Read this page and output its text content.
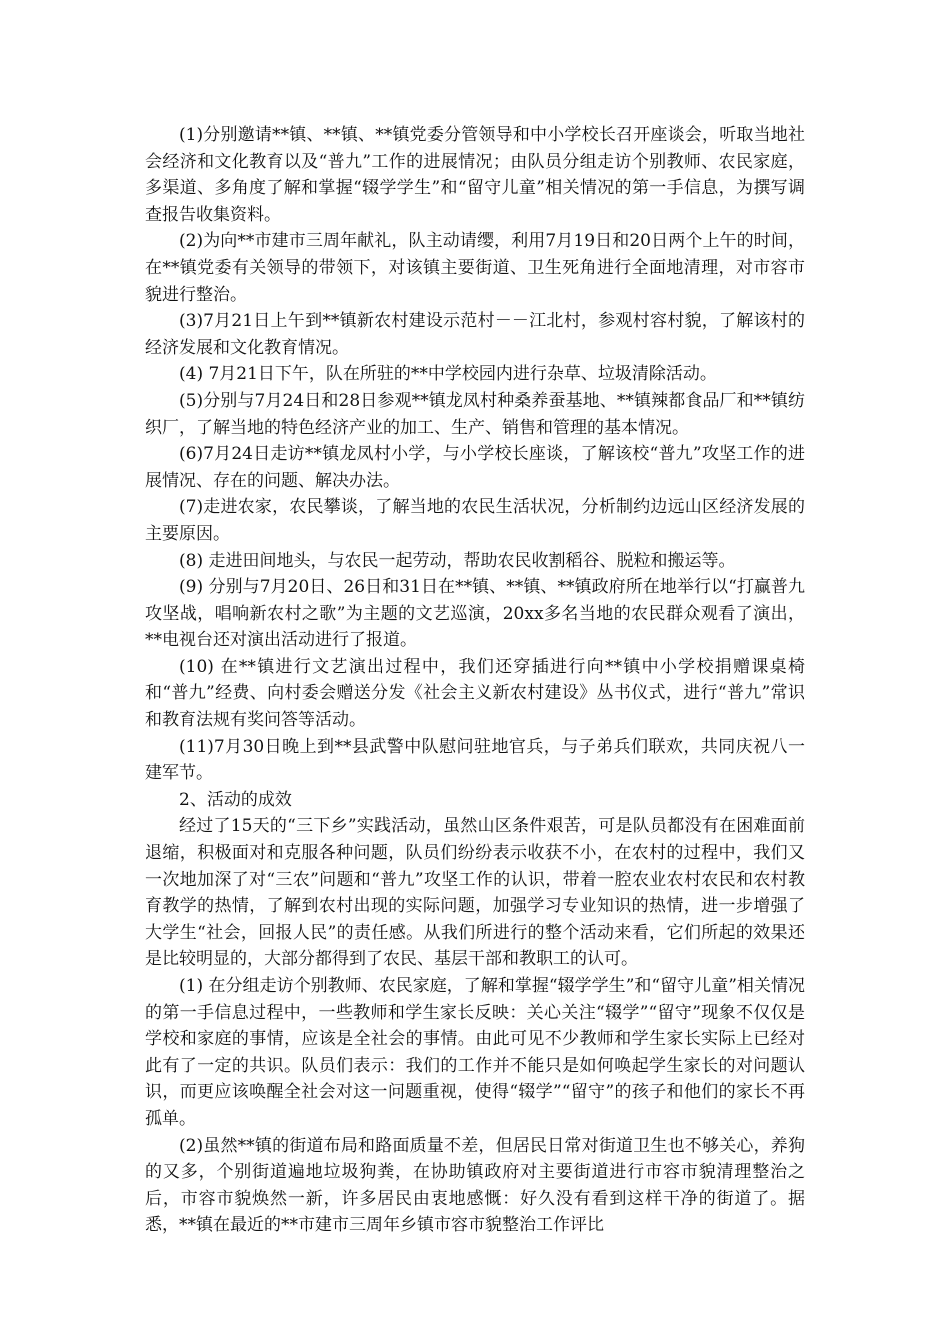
(1)分别邀请**镇、**镇、**镇党委分管领导和中小学校长召开座谈会，听取当地社会经济和文化教育以及“普九”工作的进展情况；由队员分组走访个别教师、农民家庭，多渠道、多角度了解和掌握“辍学学生”和“留守儿童”相关情况的第一手信息，为撰写调查报告收集资料。

(2)为向**市建市三周年献礼，队主动请缨，利用7月19日和20日两个上午的时间，在**镇党委有关领导的带领下，对该镇主要街道、卫生死角进行全面地清理，对市容市貌进行整治。

(3)7月21日上午到**镇新农村建设示范村－－江北村，参观村容村貌，了解该村的经济发展和文化教育情况。

(4) 7月21日下午，队在所驻的**中学校园内进行杂草、垃圾清除活动。

(5)分别与7月24日和28日参观**镇龙凤村种桑养蚕基地、**镇辣都食品厂和**镇纺织厂，了解当地的特色经济产业的加工、生产、销售和管理的基本情况。

(6)7月24日走访**镇龙凤村小学，与小学校长座谈，了解该校“普九”攻坚工作的进展情况、存在的问题、解决办法。

(7)走进农家，农民攀谈，了解当地的农民生活状况，分析制约边远山区经济发展的主要原因。

(8) 走进田间地头，与农民一起劳动，帮助农民收割稻谷、脱粒和搬运等。

(9) 分别与7月20日、26日和31日在**镇、**镇、**镇政府所在地举行以“打赢普九攻坚战，唱响新农村之歌”为主题的文艺巡演，20xx多名当地的农民群众观看了演出，**电视台还对演出活动进行了报道。

(10) 在**镇进行文艺演出过程中，我们还穿插进行向**镇中小学校捐赠课桌椅和“普九”经费、向村委会赠送分发《社会主义新农村建设》丛书仪式，进行“普九”常识和教育法规有奖问答等活动。

(11)7月30日晚上到**县武警中队慰问驻地官兵，与子弟兵们联欢，共同庆祝八一建军节。

2、活动的成效

经过了15天的“三下乡”实践活动，虽然山区条件艰苦，可是队员都没有在困难面前退缩，积极面对和克服各种问题，队员们纷纷表示收获不小，在农村的过程中，我们又一次地加深了对“三农”问题和“普九”攻坚工作的认识，带着一腔农业农村农民和农村教育教学的热情，了解到农村出现的实际问题，加强学习专业知识的热情，进一步增强了大学生“社会，回报人民”的责任感。从我们所进行的整个活动来看，它们所起的效果还是比较明显的，大部分都得到了农民、基层干部和教职工的认可。

(1) 在分组走访个别教师、农民家庭，了解和掌握“辍学学生”和“留守儿童”相关情况的第一手信息过程中，一些教师和学生家长反映：关心关注“辍学”“留守”现象不仅仅是学校和家庭的事情，应该是全社会的事情。由此可见不少教师和学生家长实际上已经对此有了一定的共识。队员们表示：我们的工作并不能只是如何唤起学生家长的对问题认识，而更应该唤醒全社会对这一问题重视，使得“辍学”“留守”的孩子和他们的家长不再孤单。

(2)虽然**镇的街道布局和路面质量不差，但居民日常对街道卫生也不够关心，养狗的又多，个别街道遍地垃圾狗粪，在协助镇政府对主要街道进行市容市貌清理整治之后，市容市貌焕然一新，许多居民由衷地感慨：好久没有看到这样干净的街道了。据悉，**镇在最近的**市建市三周年乡镇市容市貌整治工作评比
